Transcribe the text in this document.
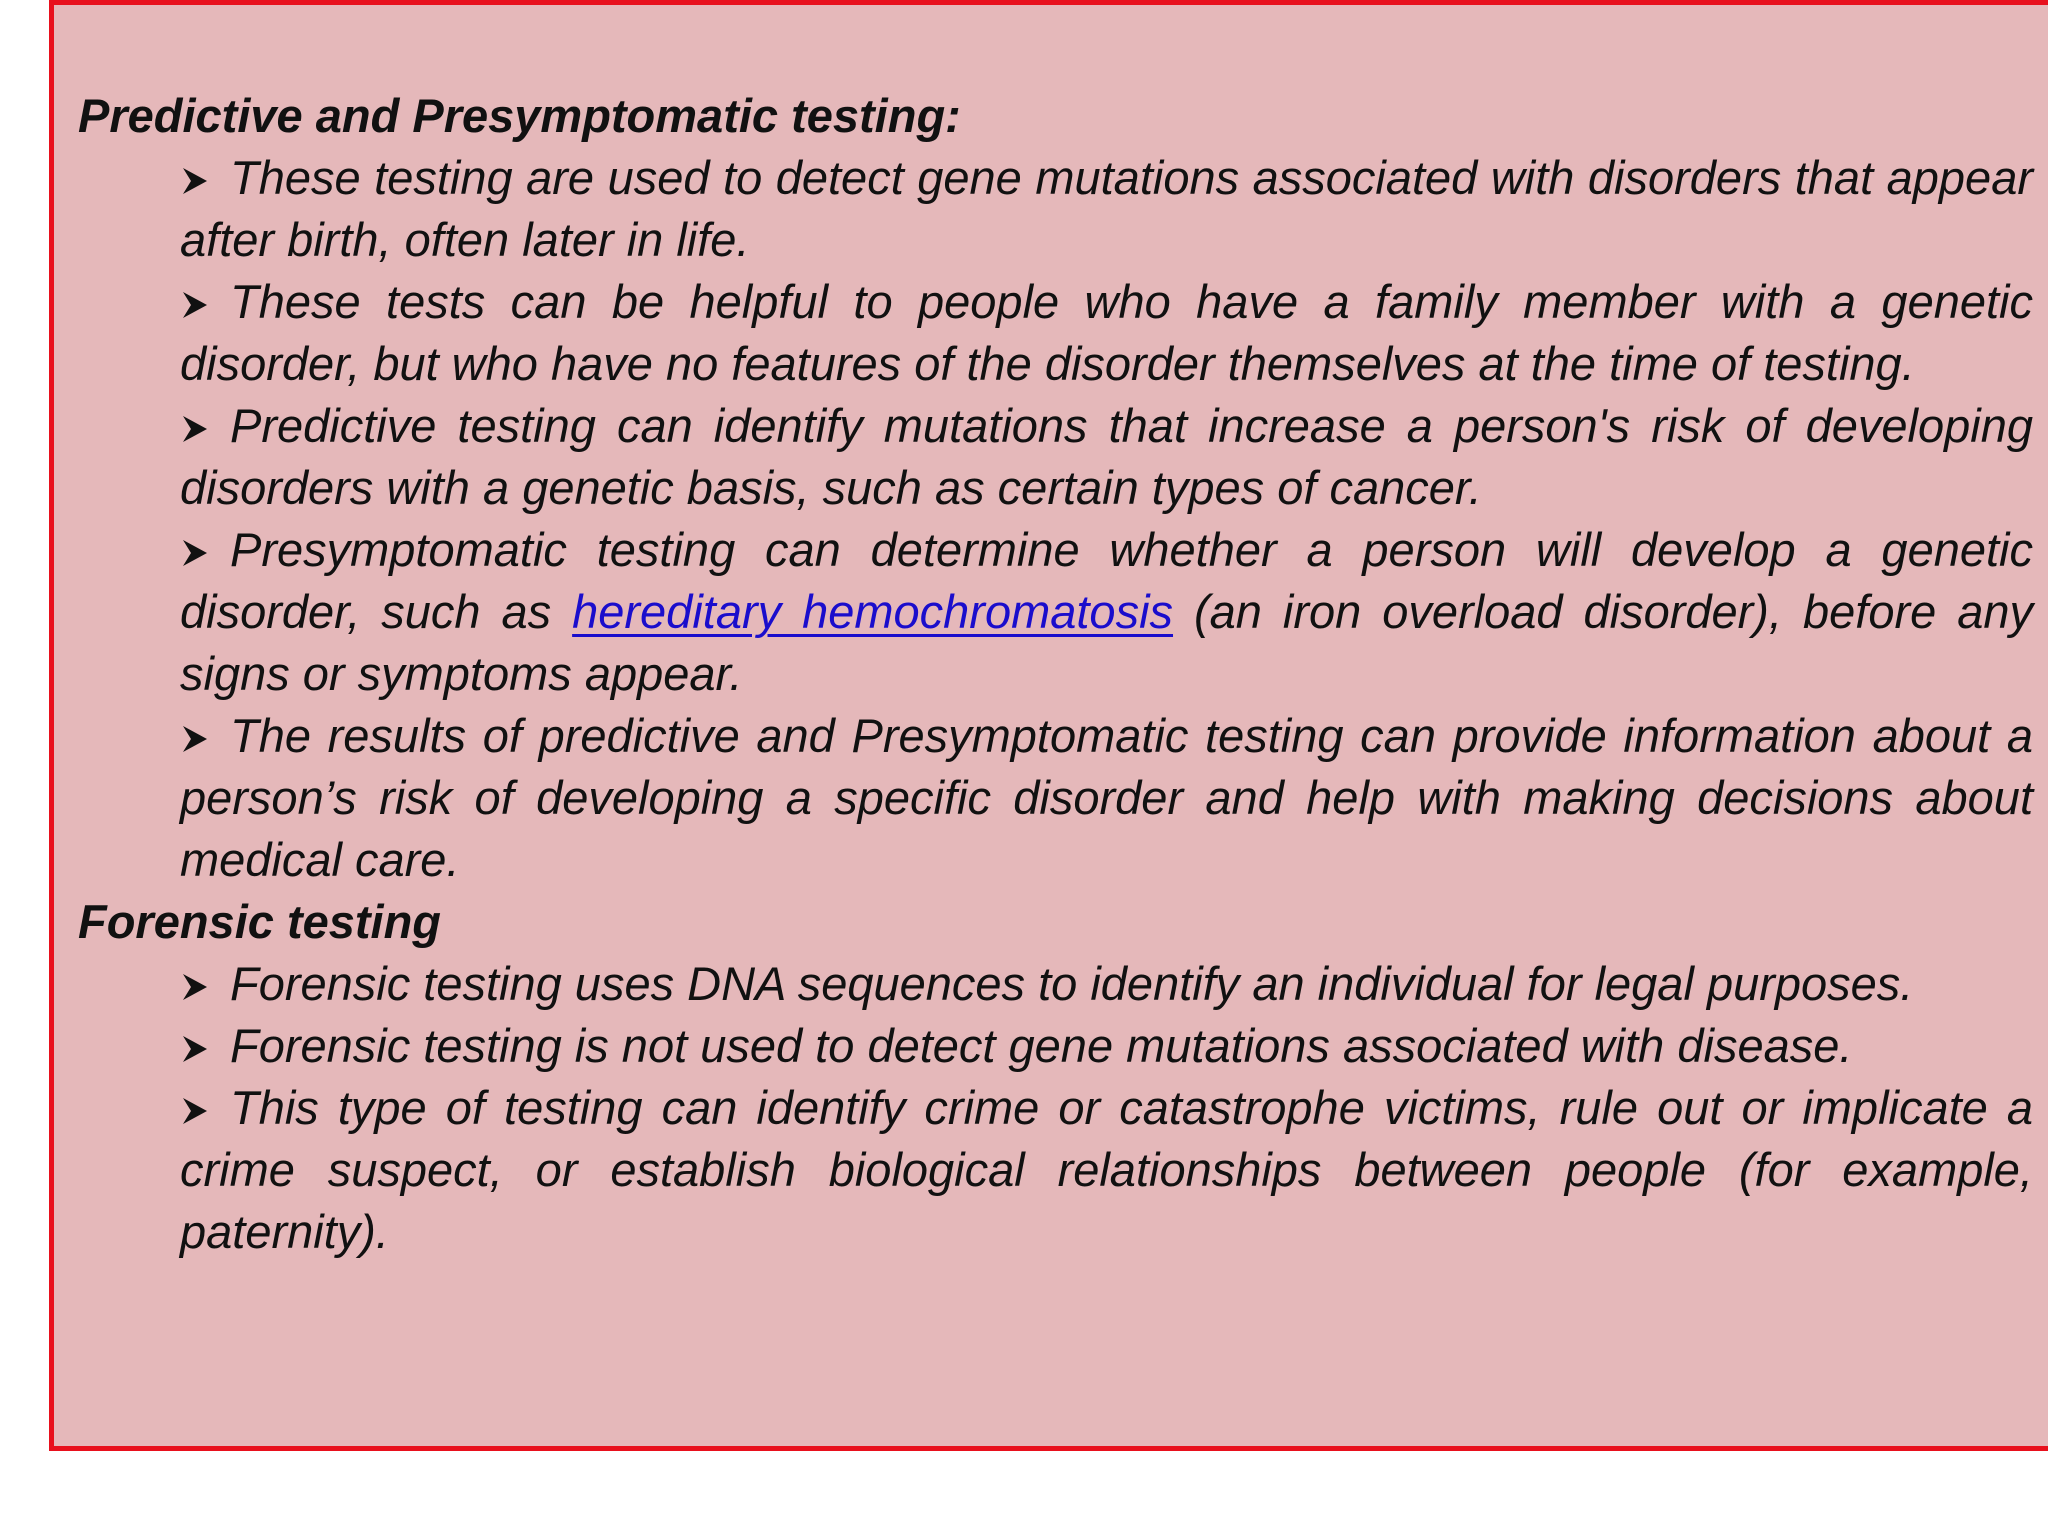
Predictive and Presymptomatic testing:

These testing are used to detect gene mutations associated with disorders that appear after birth, often later in life.
These tests can be helpful to people who have a family member with a genetic disorder, but who have no features of the disorder themselves at the time of testing.
Predictive testing can identify mutations that increase a person's risk of developing disorders with a genetic basis, such as certain types of cancer.
Presymptomatic testing can determine whether a person will develop a genetic disorder, such as hereditary hemochromatosis (an iron overload disorder), before any signs or symptoms appear.
The results of predictive and Presymptomatic testing can provide information about a person’s risk of developing a specific disorder and help with making decisions about medical care.

Forensic testing

Forensic testing uses DNA sequences to identify an individual for legal purposes.
Forensic testing is not used to detect gene mutations associated with disease.
This type of testing can identify crime or catastrophe victims, rule out or implicate a crime suspect, or establish biological relationships between people (for example, paternity).
